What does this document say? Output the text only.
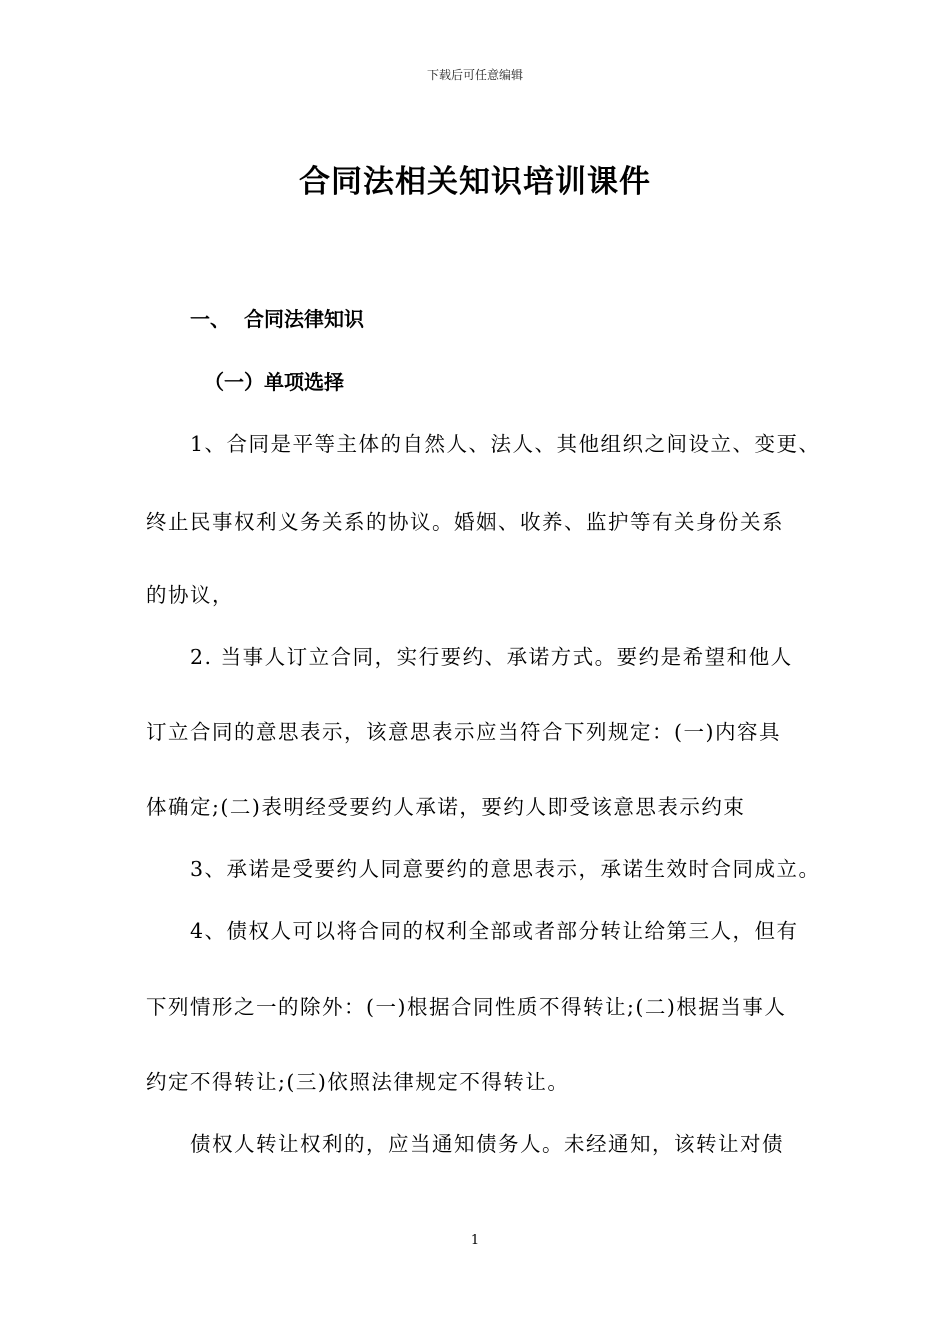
下载后可任意编辑
合同法相关知识培训课件
一、 合同法律知识
（一）单项选择
1、合同是平等主体的自然人、法人、其他组织之间设立、变更、
终止民事权利义务关系的协议。婚姻、收养、监护等有关身份关系
的协议，
2. 当事人订立合同，实行要约、承诺方式。要约是希望和他人
订立合同的意思表示，该意思表示应当符合下列规定：(一)内容具
体确定;(二)表明经受要约人承诺，要约人即受该意思表示约束
3、承诺是受要约人同意要约的意思表示，承诺生效时合同成立。
4、债权人可以将合同的权利全部或者部分转让给第三人，但有
下列情形之一的除外：(一)根据合同性质不得转让;(二)根据当事人
约定不得转让;(三)依照法律规定不得转让。
债权人转让权利的，应当通知债务人。未经通知，该转让对债
1
